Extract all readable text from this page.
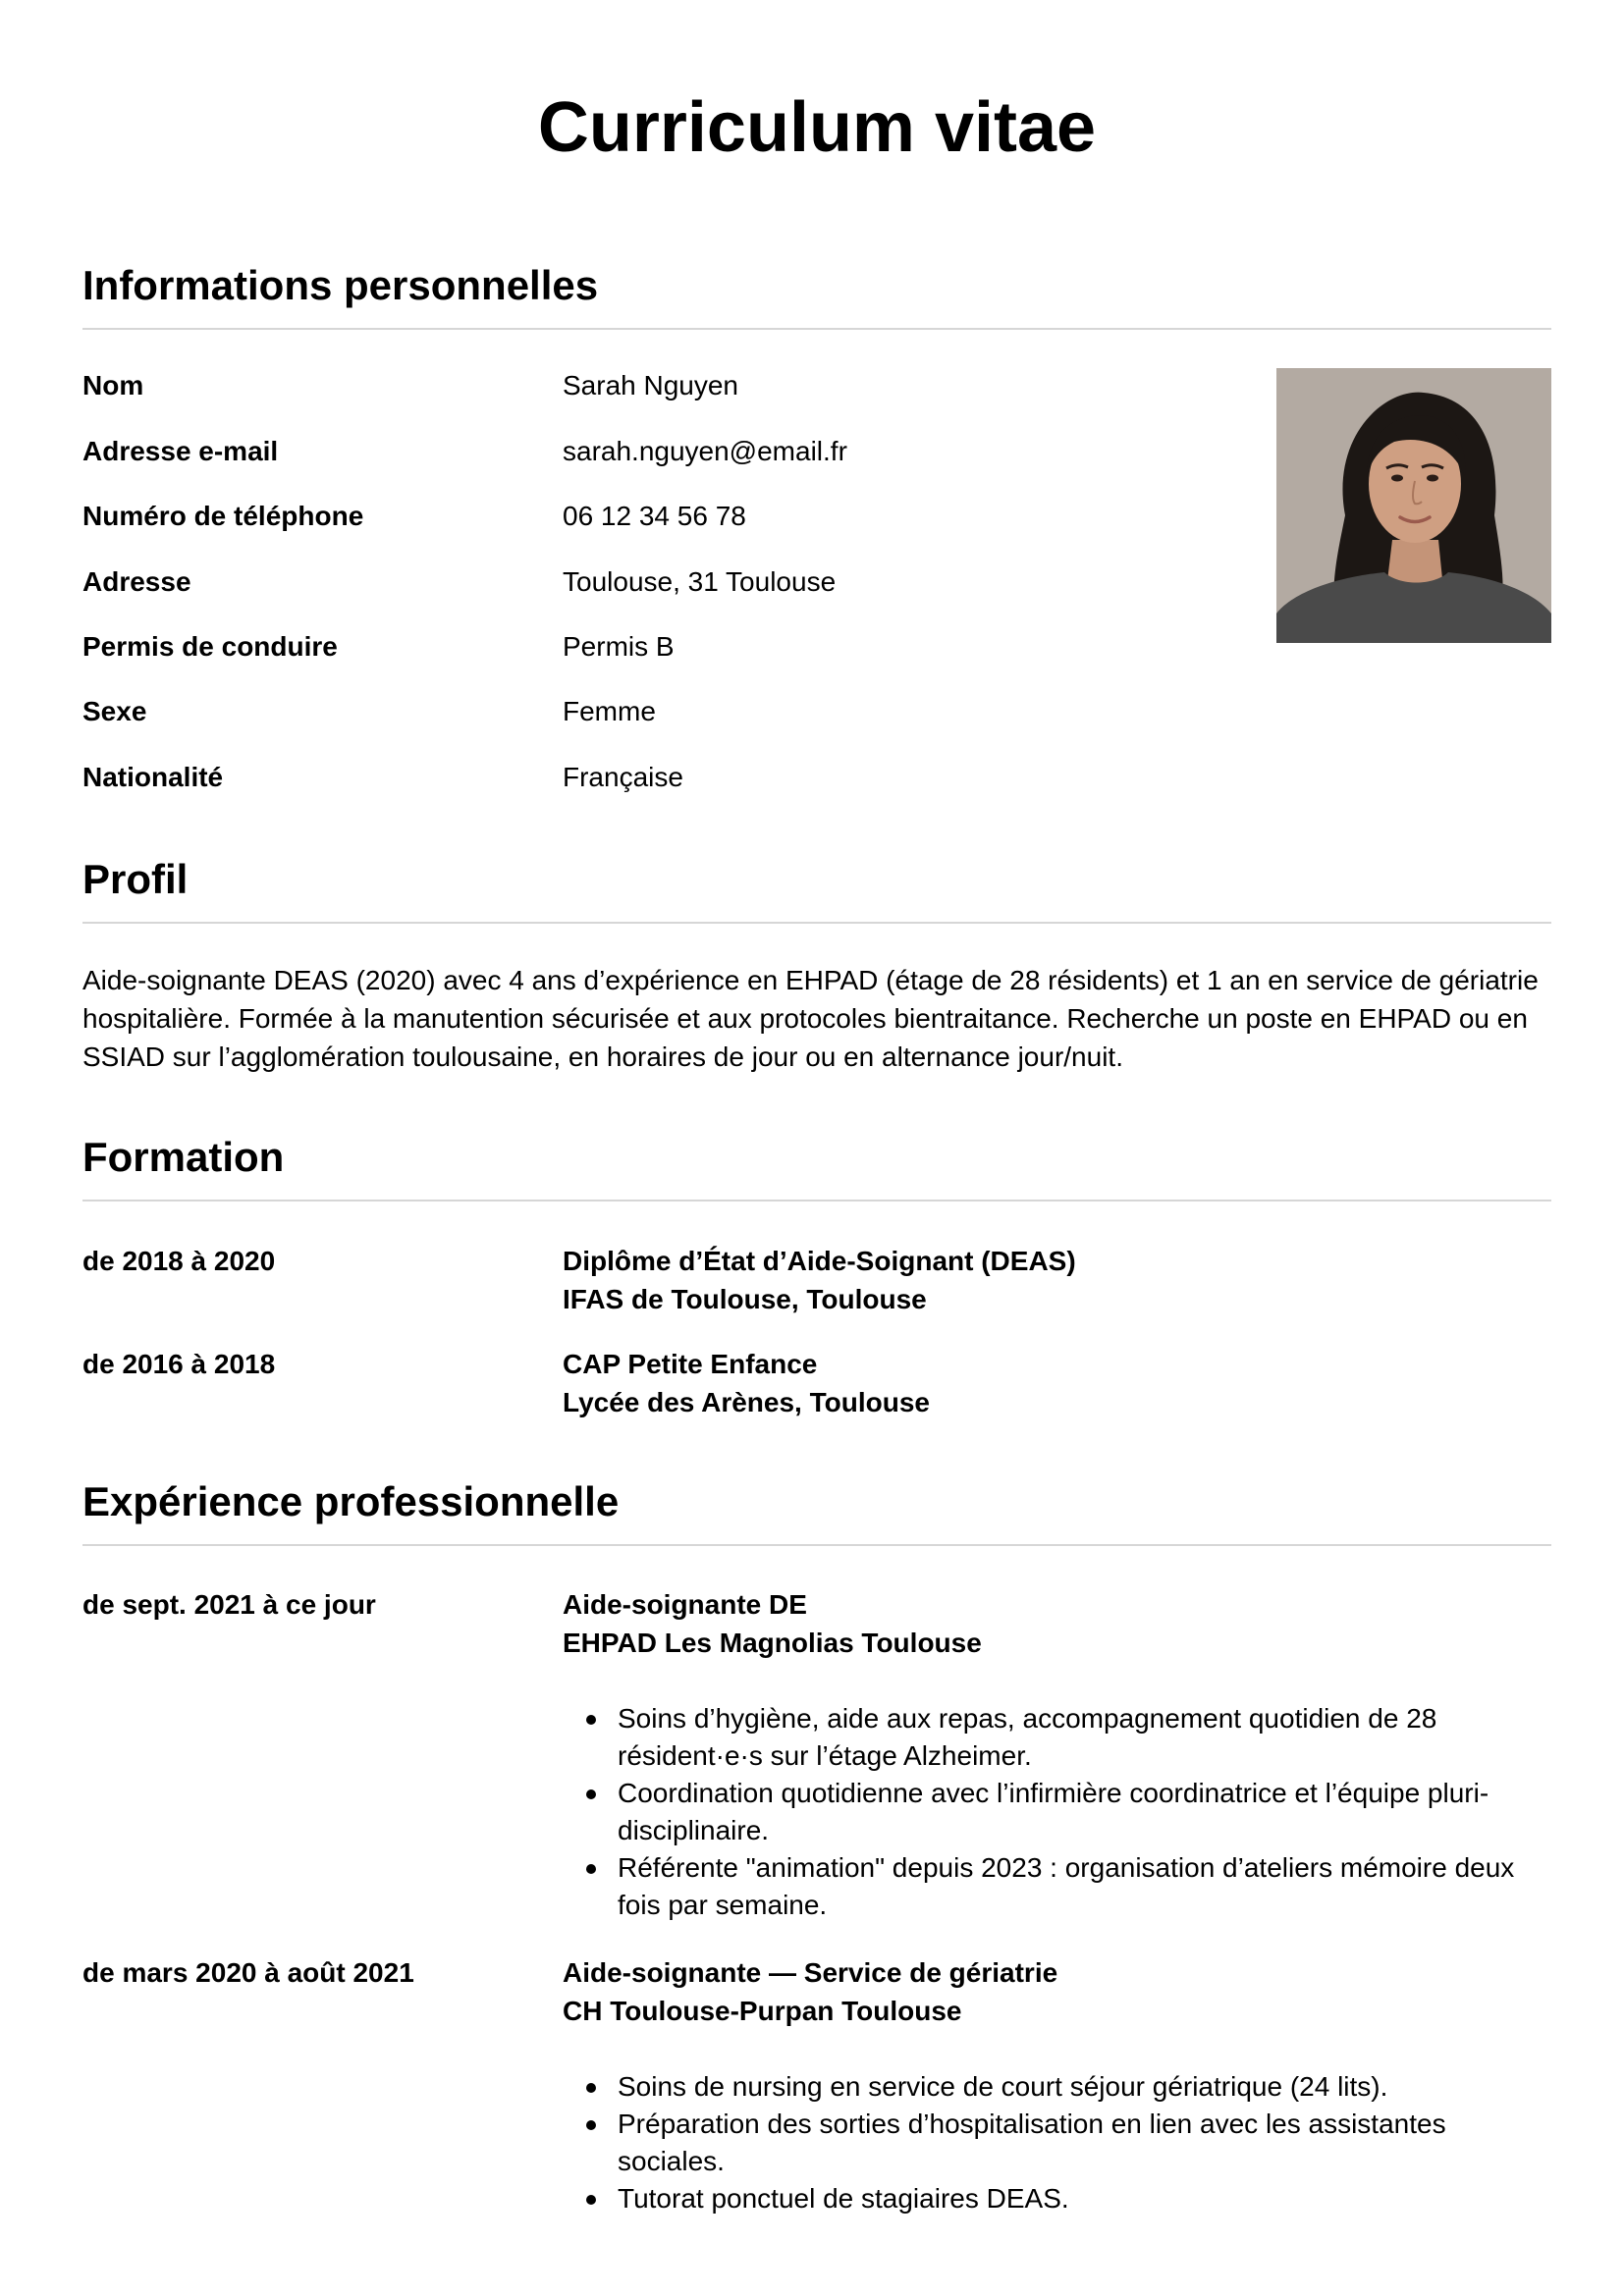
Curriculum vitae
Informations personnelles
Nom	Sarah Nguyen
Adresse e-mail	sarah.nguyen@email.fr
Numéro de téléphone	06 12 34 56 78
Adresse	Toulouse, 31 Toulouse
Permis de conduire	Permis B
Sexe	Femme
Nationalité	Française
Profil

Aide-soignante DEAS (2020) avec 4 ans d’expérience en EHPAD (étage de 28 résidents) et 1 an en service de gériatrie hospitalière. Formée à la manutention sécurisée et aux protocoles bientraitance. Recherche un poste en EHPAD ou en SSIAD sur l’agglomération toulousaine, en horaires de jour ou en alternance jour/nuit.

Formation
de 2018 à 2020	Diplôme d’État d’Aide-Soignant (DEAS)
IFAS de Toulouse, Toulouse
de 2016 à 2018	CAP Petite Enfance
Lycée des Arènes, Toulouse
Expérience professionnelle
de sept. 2021 à ce jour	Aide-soignante DE
EHPAD Les Magnolias Toulouse
Soins d’hygiène, aide aux repas, accompagnement quotidien de 28 résident·e·s sur l’étage Alzheimer.
Coordination quotidienne avec l’infirmière coordinatrice et l’équipe pluri-disciplinaire.
Référente "animation" depuis 2023 : organisation d’ateliers mémoire deux fois par semaine.
de mars 2020 à août 2021	Aide-soignante — Service de gériatrie
CH Toulouse-Purpan Toulouse
Soins de nursing en service de court séjour gériatrique (24 lits).
Préparation des sorties d’hospitalisation en lien avec les assistantes sociales.
Tutorat ponctuel de stagiaires DEAS.
